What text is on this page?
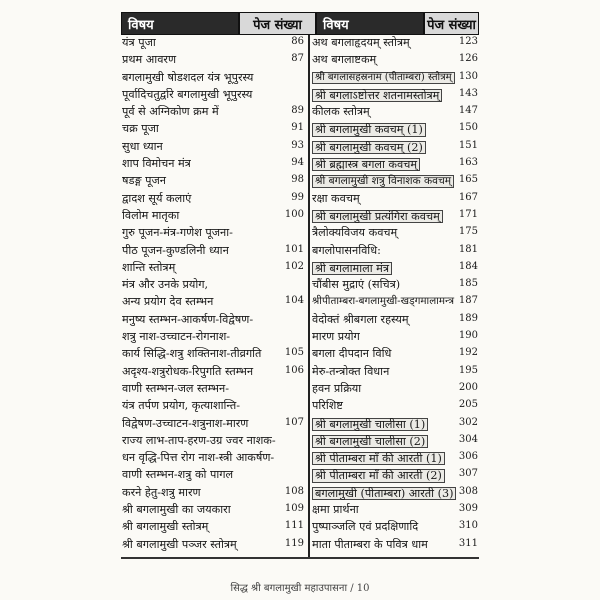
विषय	पेज संख्या	विषय	पेज संख्या
यंत्र पूजा	86
प्रथम आवरण	87
बगलामुखी षोडशदल यंत्र भूपुरस्य
पूर्वादिचतुर्द्वारे बगलामुखी भूपुरस्य
पूर्व से अग्निकोण क्रम में	89
चक्र पूजा	91
सुधा ध्यान	93
शाप विमोचन मंत्र	94
षडङ्ग पूजन	98
द्वादश सूर्य कलाएं	99
विलोम मातृका	100
गुरु पूजन-मंत्र-गणेश पूजना-
पीठ पूजन-कुण्डलिनी ध्यान	101
शान्ति स्तोत्रम्	102
मंत्र और उनके प्रयोग,
अन्य प्रयोग देव स्तम्भन	104
मनुष्य स्तम्भन-आकर्षण-विद्वेषण-
शत्रु नाश-उच्चाटन-रोगनाश-
कार्य सिद्धि-शत्रु शक्तिनाश-तीव्रगति 105
अदृश्य-शत्रुरोधक-रिपुगति स्तम्भन	106
वाणी स्तम्भन-जल स्तम्भन-
यंत्र तर्पण प्रयोग, कृत्याशान्ति-
विद्वेषण-उच्चाटन-शत्रुनाश-मारण	107
राज्य लाभ-ताप-हरण-उग्र ज्वर नाशक-
धन वृद्धि-पित्त रोग नाश-स्त्री आकर्षण-
वाणी स्तम्भन-शत्रु को पागल
करने हेतु-शत्रु मारण	108
श्री बगलामुखी का जयकारा	109
श्री बगलामुखी स्तोत्रम्	111
श्री बगलामुखी पञ्जर स्तोत्रम्	119
अथ बगलाहृदयम् स्तोत्रम्	123
अथ बगलाष्टकम्	126
श्री बगलासहस्रनाम (पीताम्बरा) स्तोत्रम् 130
श्री बगलाऽष्टोत्तर शतनामस्तोत्रम्	143
कीलक स्तोत्रम्	147
श्री बगलामुखी कवचम् (1)	150
श्री बगलामुखी कवचम् (2)	151
श्री ब्रह्मास्त्र बगला कवचम्	163
श्री बगलामुखी शत्रु विनाशक कवचम् 165
रक्षा कवचम्	167
श्री बगलामुखी प्रत्यंगिरा कवचम्	171
त्रैलोक्यविजय कवचम्	175
बगलोपासनविधि:	181
श्री बगलामाला मंत्र	184
चौंबीस मुद्राएं (सचित्र)	185
श्रीपीताम्बरा-बगलामुखी-खड्गमालामन्त्र 187
वेदोक्तं श्रीबगला रहस्यम्	189
मारण प्रयोग	190
बगला दीपदान विधि	192
मेरु-तन्त्रोक्त विधान	195
हवन प्रक्रिया	200
परिशिष्ट	205
श्री बगलामुखी चालीसा (1)	302
श्री बगलामुखी चालीसा (2)	304
श्री पीताम्बरा माँ की आरती (1)	306
श्री पीताम्बरा माँ की आरती (2)	307
बगलामुखी (पीताम्बरा) आरती (3) 308
क्षमा प्रार्थना	309
पुष्पाञ्जलि एवं प्रदक्षिणादि	310
माता पीताम्बरा के पवित्र धाम	311
सिद्ध श्री बगलामुखी महाउपासना / 10
